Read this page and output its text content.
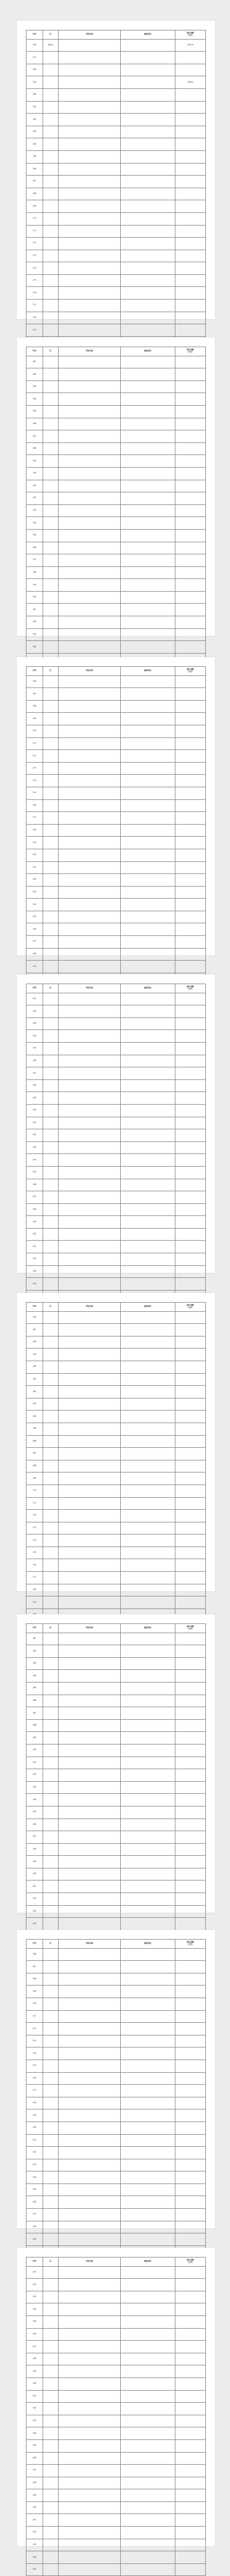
序号	区	项目名称	建设单位	拨付金额
（万元）

256	奉贤区			1002.6
257				
258				
259				1026.5
260				
261				
262				
263				
264				
265				
266				
267				
268				
269				
270				
271				
272				
273				
274				
275				
276				
277				
278				
279				

序号	区	项目名称	建设单位	拨付金额
（万元）

281				
282				
283				
284				
285				
286				
287				
288				
289				
290				
291				
292				
293				
294				
295				
296				
297				
298				
299				
300				
301				
302				
303				
304				

序号	区	项目名称	建设单位	拨付金额
（万元）

306				
307				
308				
309				
310				
311				
312				
313				
314				
315				
316				
317				
318				
319				
320				
321				
322				
323				
324				
325				
326				
327				
328				
329				

序号	区	项目名称	建设单位	拨付金额
（万元）

331				
332				
333				
334				
335				
336				
337				
338				
339				
340				
341				
342				
343				
344				
345				
346				
347				
348				
349				
350				
351				
352				
353				
354				

序号	区	项目名称	建设单位	拨付金额
（万元）

356				
357				
358				
359				
360				
361				
362				
363				
364				
365				
366				
367				
368				
369				
370				
371				
372				
373				
374				
375				
376				
377				
378				
379				

序号	区	项目名称	建设单位	拨付金额
（万元）

381				
382				
383				
384				
385				
386				
387				
388				
389				
390				
391				
392				
393				
394				
395				
396				
397				
398				
399				
400				
401				
402				
403				
404				

序号	区	项目名称	建设单位	拨付金额
（万元）

406				
407				
408				
409				
410				
411				
412				
413				
414				
415				
416				
417				
418				
419				
420				
421				
422				
423				
424				
425				
426				
427				
428				
429				

序号	区	项目名称	建设单位	拨付金额
（万元）

431				
432				
433				
434				
435				
436				
437				
438				
439				
440				
441				
442				
443				
444				
445				
446				
447				
448				
449				
450				
451				
452				
453				
454				
455				
